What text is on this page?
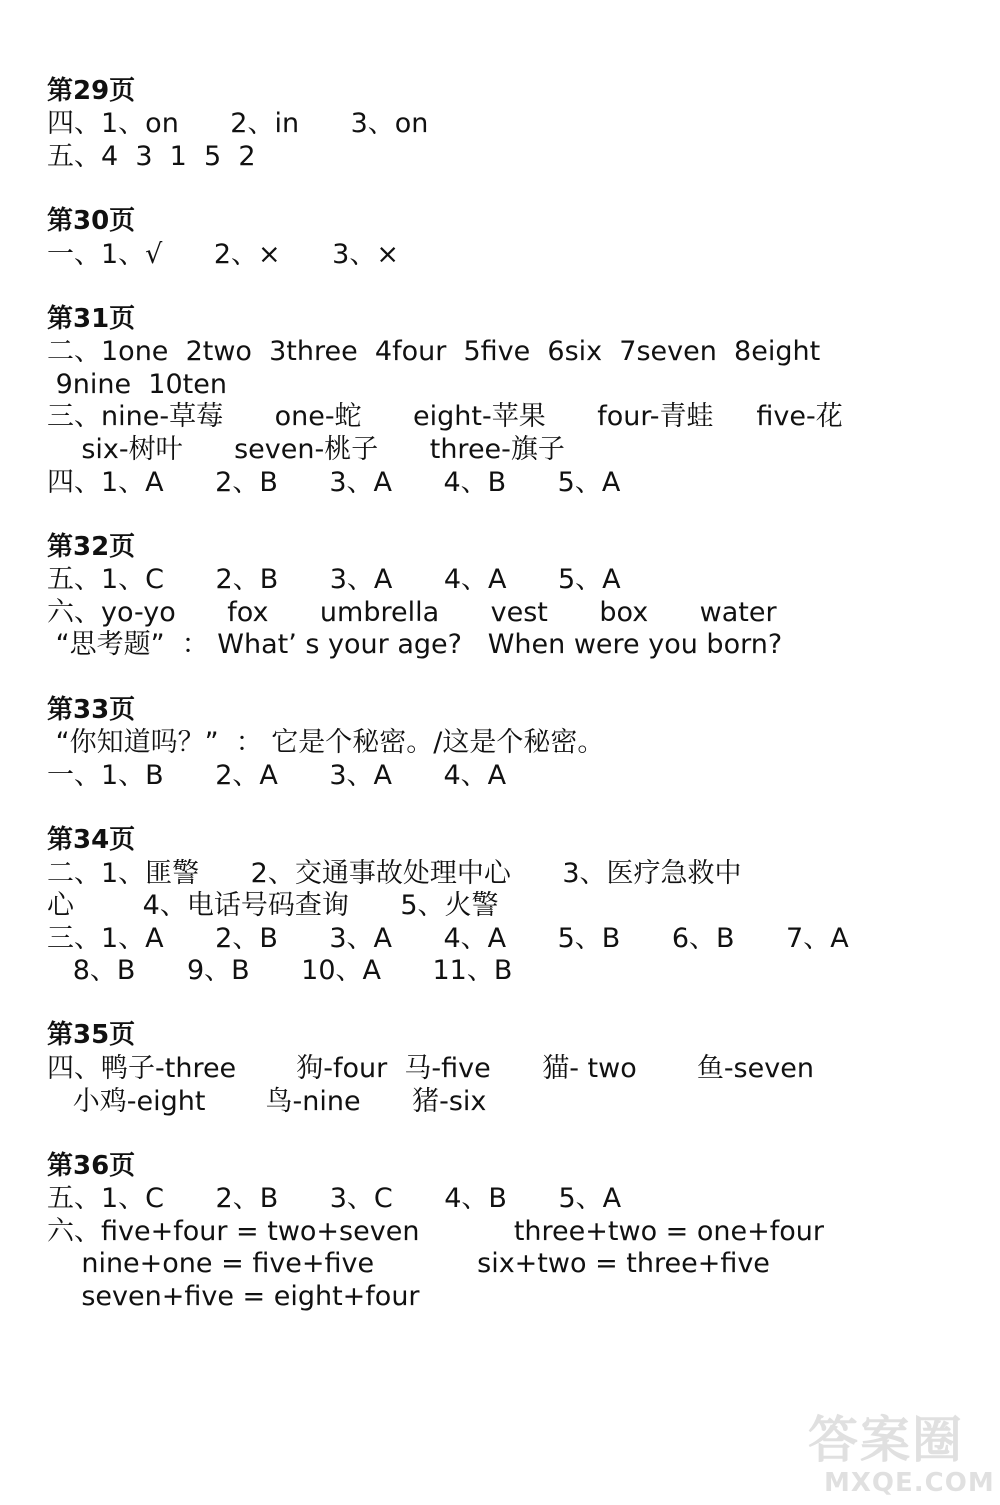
第29页
四、1、on      2、in      3、on
五、4  3  1  5  2
第30页
一、1、√      2、×      3、×
第31页
二、1one  2two  3three  4four  5five  6six  7seven  8eight
9nine  10ten
三、nine-草莓      one-蛇      eight-苹果      four-青蛙     five-花
six-树叶      seven-桃子      three-旗子
四、1、A      2、B      3、A      4、B      5、A
第32页
五、1、C      2、B      3、A      4、A      5、A
六、yo-yo      fox      umbrella      vest      box      water
“思考题”  ： What’ s your age?   When were you born?
第33页
“你知道吗？”  ： 它是个秘密。/这是个秘密。
一、1、B      2、A      3、A      4、A
第34页
二、1、匪警      2、交通事故处理中心      3、医疗急救中
心        4、电话号码查询      5、火警
三、1、A      2、B      3、A      4、A      5、B      6、B      7、A
8、B      9、B      10、A      11、B
第35页
四、鸭子-three       狗-four  马-five      猫- two       鱼-seven
小鸡-eight       鸟-nine      猪-six
第36页
五、1、C      2、B      3、C      4、B      5、A
六、five+four = two+seven           three+two = one+four
nine+one = five+five            six+two = three+five
seven+five = eight+four
答案圈
MXQE.COM
